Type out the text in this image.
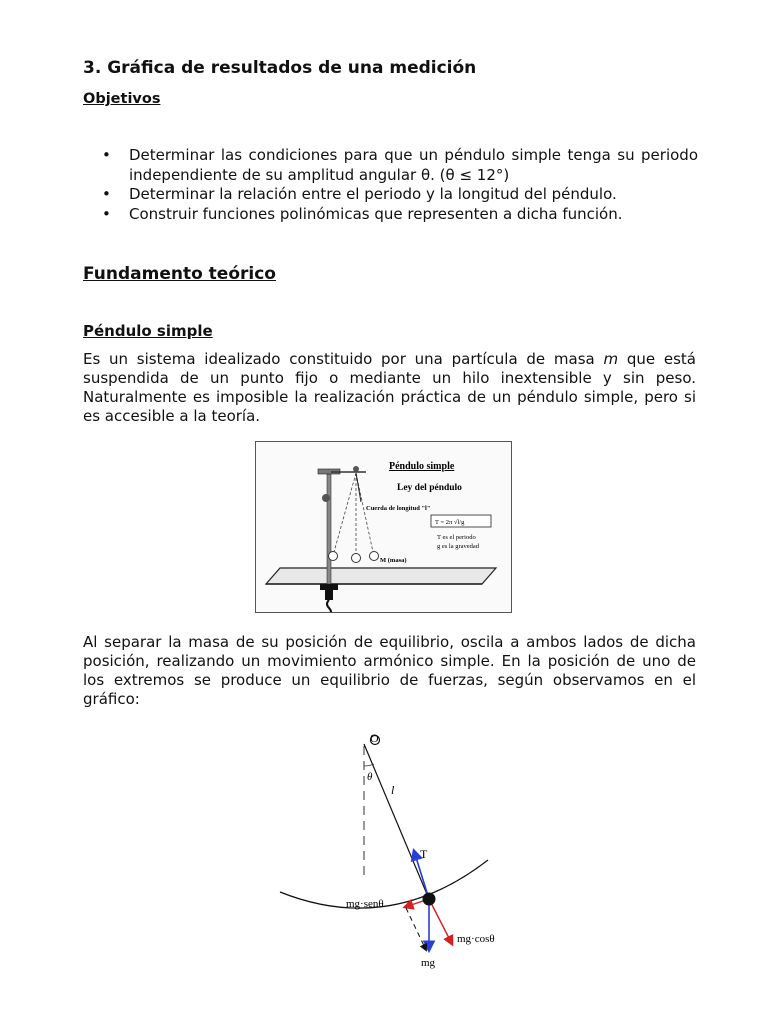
3. Gráfica de resultados de una medición
Objetivos
• Determinar las condiciones para que un péndulo simple tenga su periodo independiente de su amplitud angular θ. (θ ≤ 12°)
• Determinar la relación entre el periodo y la longitud del péndulo.
• Construir funciones polinómicas que representen a dicha función.
Fundamento teórico
Péndulo simple

Es un sistema idealizado constituido por una partícula de masa m que está suspendida de un punto fijo o mediante un hilo inextensible y sin peso. Naturalmente es imposible la realización práctica de un péndulo simple, pero si es accesible a la teoría.

Péndulo simple
Ley del péndulo
Cuerda de longitud "l"
T = 2π √l/g
T es el periodo
g es la gravedad
M (masa)

Al separar la masa de su posición de equilibrio, oscila a ambos lados de dicha posición, realizando un movimiento armónico simple. En la posición de uno de los extremos se produce un equilibrio de fuerzas, según observamos en el gráfico:

O
θ
l
T
mg·senθ
mg·cosθ
mg
